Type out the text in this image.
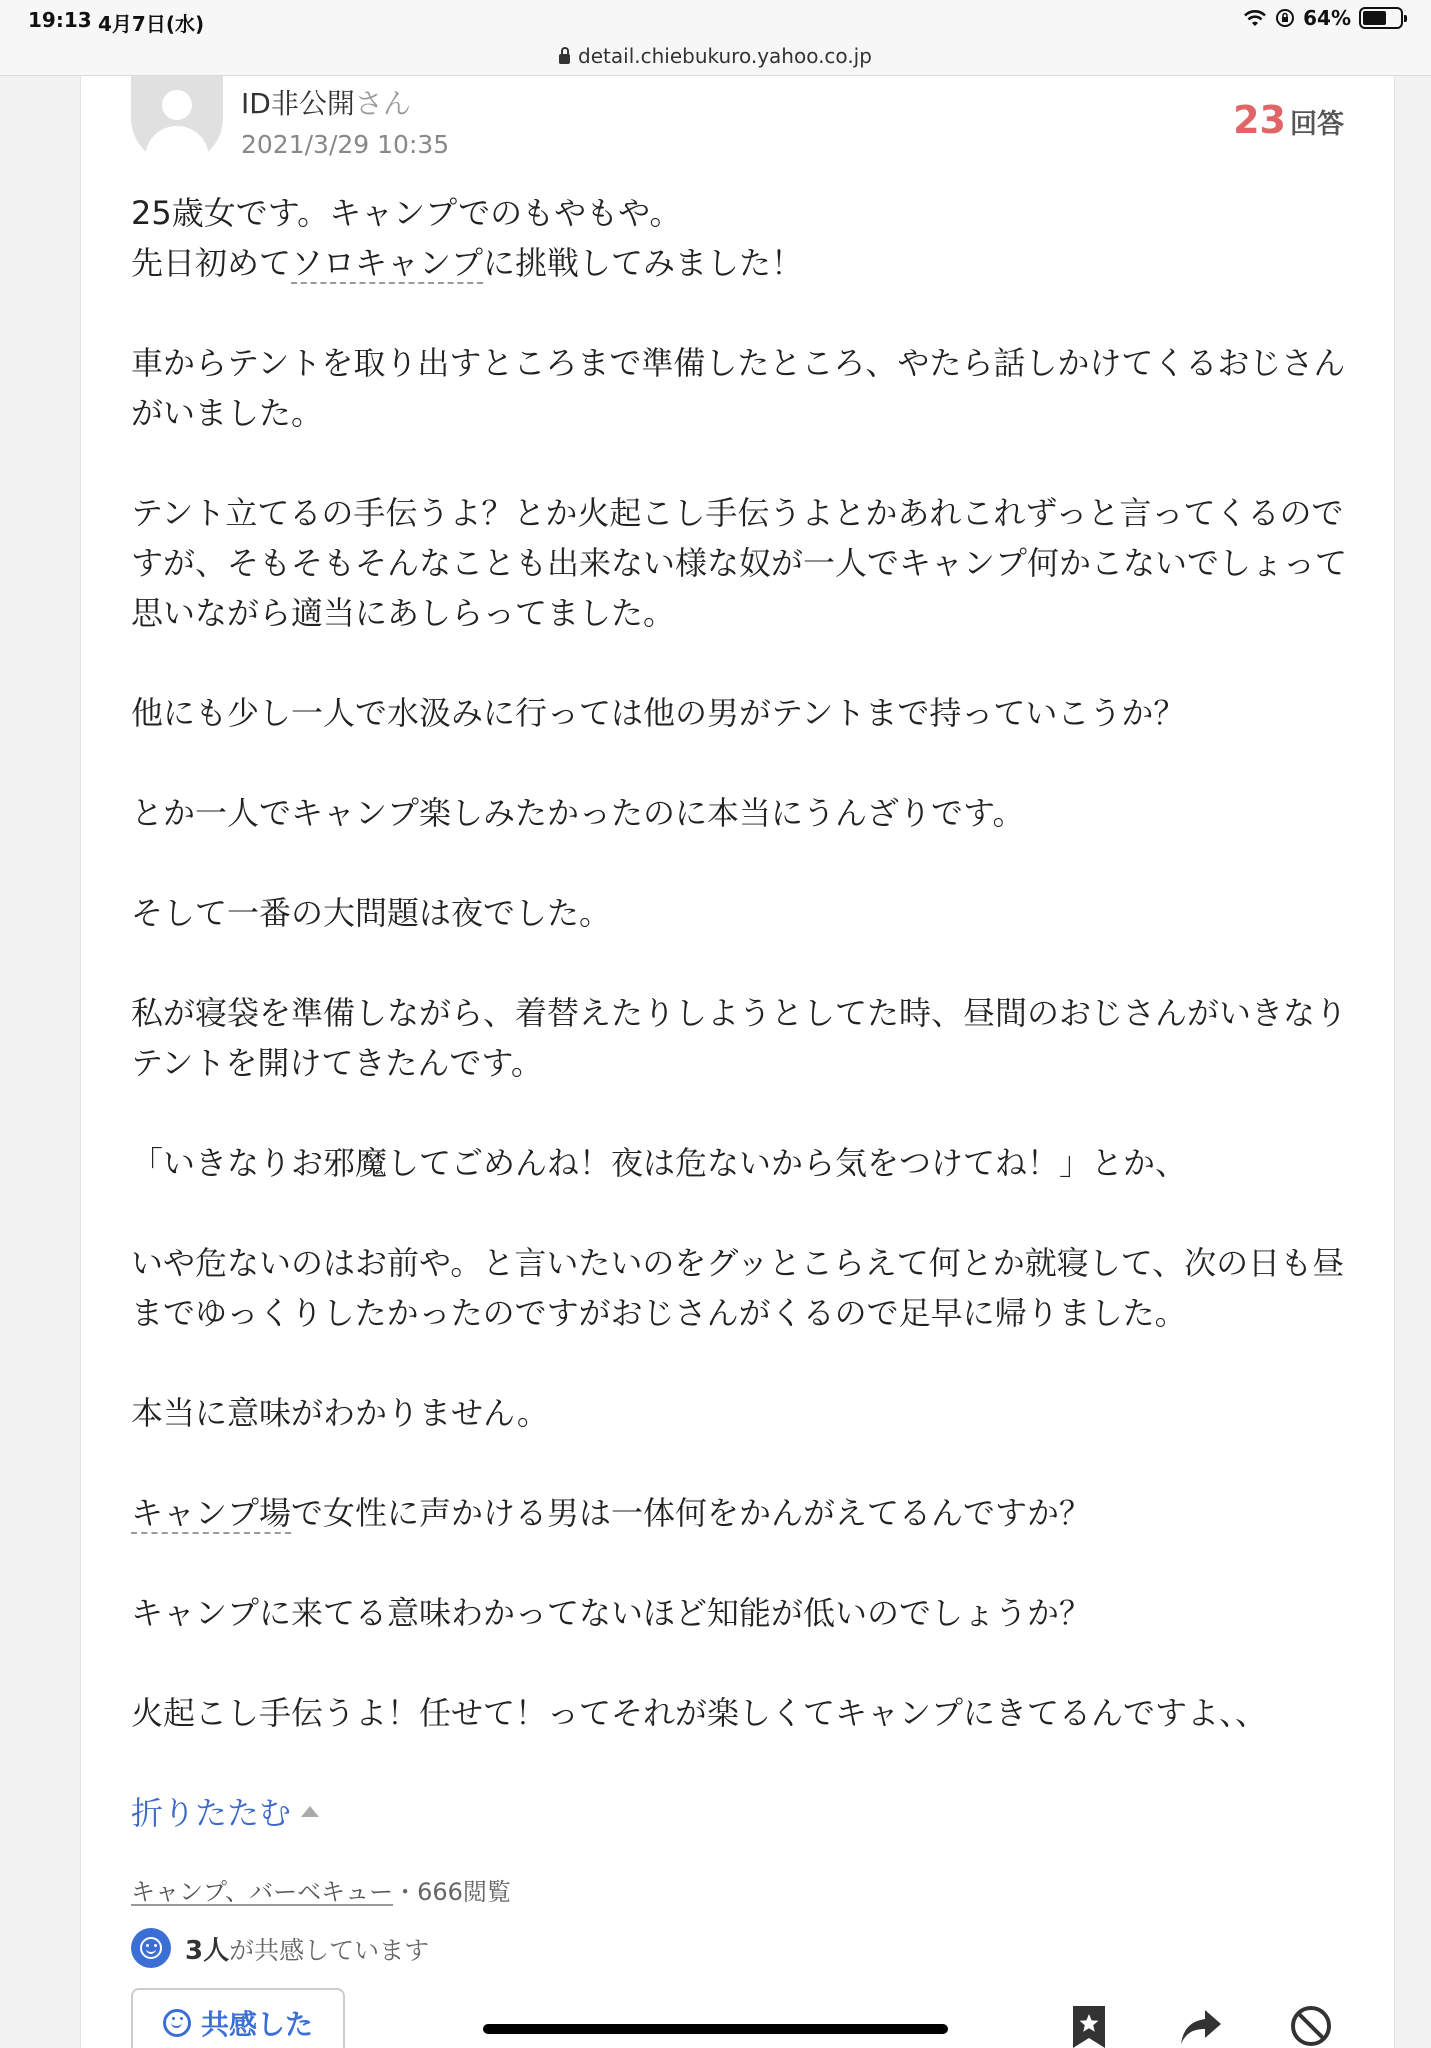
19:13 4月7日(水)	64%
detail.chiebukuro.yahoo.co.jp
ID非公開さん
2021/3/29 10:35
23 回答

25歳女です。キャンプでのもやもや。

先日初めてソロキャンプに挑戦してみました！

車からテントを取り出すところまで準備したところ、やたら話しかけてくるおじさんがいました。

テント立てるの手伝うよ？とか火起こし手伝うよとかあれこれずっと言ってくるのですが、そもそもそんなことも出来ない様な奴が一人でキャンプ何かこないでしょって思いながら適当にあしらってました。

他にも少し一人で水汲みに行っては他の男がテントまで持っていこうか？

とか一人でキャンプ楽しみたかったのに本当にうんざりです。

そして一番の大問題は夜でした。

私が寝袋を準備しながら、着替えたりしようとしてた時、昼間のおじさんがいきなりテントを開けてきたんです。

「いきなりお邪魔してごめんね！夜は危ないから気をつけてね！」とか、

いや危ないのはお前や。と言いたいのをグッとこらえて何とか就寝して、次の日も昼までゆっくりしたかったのですがおじさんがくるので足早に帰りました。

本当に意味がわかりません。

キャンプ場で女性に声かける男は一体何をかんがえてるんですか？

キャンプに来てる意味わかってないほど知能が低いのでしょうか？

火起こし手伝うよ！任せて！ってそれが楽しくてキャンプにきてるんですよ、、

折りたたむ
キャンプ、バーベキュー・666閲覧
3人が共感しています
共感した
